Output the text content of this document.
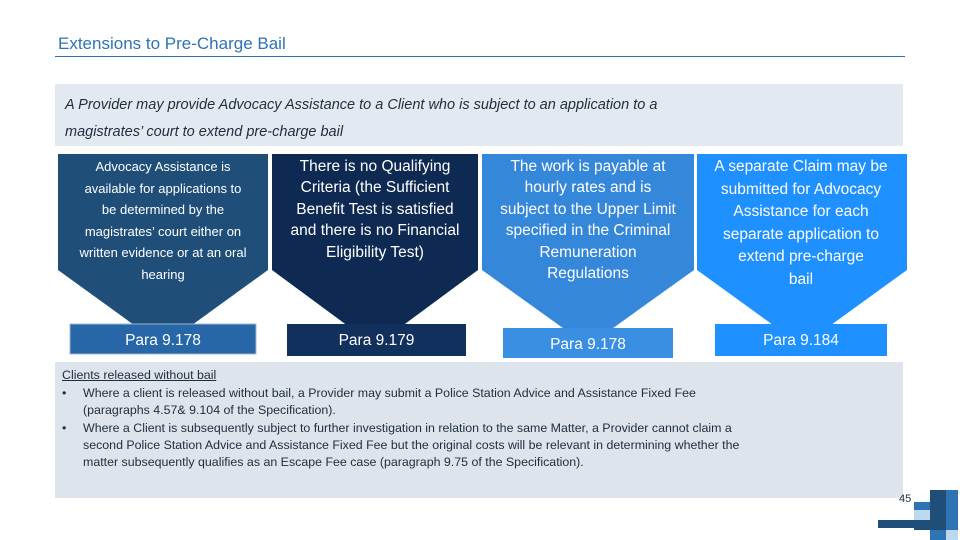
Extensions to Pre-Charge Bail
A Provider may provide Advocacy Assistance to a Client who is subject to an application to a
magistrates’ court to extend pre-charge bail
Advocacy Assistance is
available for applications to
be determined by the
magistrates’ court either on
written evidence or at an oral
hearing
There is no Qualifying
Criteria (the Sufficient
Benefit Test is satisfied
and there is no Financial
Eligibility Test)
The work is payable at
hourly rates and is
subject to the Upper Limit
specified in the Criminal
Remuneration
Regulations
A separate Claim may be
submitted for Advocacy
Assistance for each
separate application to
extend pre-charge
bail
Para 9.178	Para 9.179	Para 9.178	Para 9.184
Clients released without bail
• Where a client is released without bail, a Provider may submit a Police Station Advice and Assistance Fixed Fee
(paragraphs 4.57& 9.104 of the Specification).
• Where a Client is subsequently subject to further investigation in relation to the same Matter, a Provider cannot claim a
second Police Station Advice and Assistance Fixed Fee but the original costs will be relevant in determining whether the
matter subsequently qualifies as an Escape Fee case (paragraph 9.75 of the Specification).
45
